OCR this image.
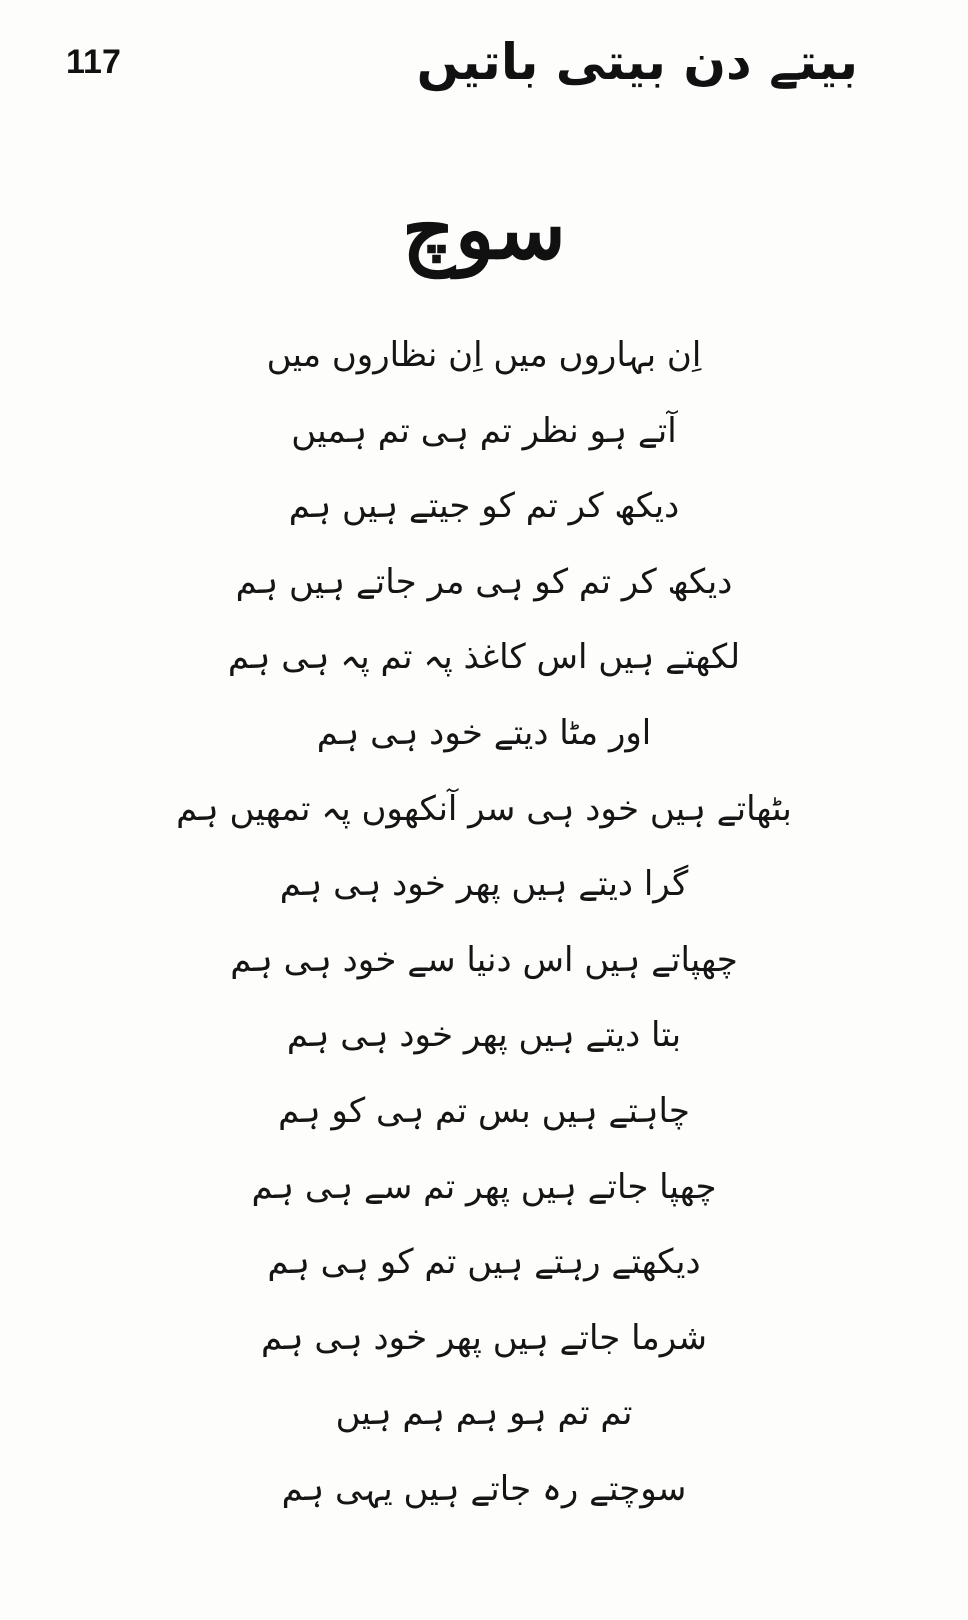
117	بیتے دن بیتی باتیں
سوچ
اِن بہاروں میں اِن نظاروں میں
آتے ہو نظر تم ہی تم ہمیں
دیکھ کر تم کو جیتے ہیں ہم
دیکھ کر تم کو ہی مر جاتے ہیں ہم
لکھتے ہیں اس کاغذ پہ تم پہ ہی ہم
اور مٹا دیتے خود ہی ہم
بٹھاتے ہیں خود ہی سر آنکھوں پہ تمھیں ہم
گرا دیتے ہیں پھر خود ہی ہم
چھپاتے ہیں اس دنیا سے خود ہی ہم
بتا دیتے ہیں پھر خود ہی ہم
چاہتے ہیں بس تم ہی کو ہم
چھپا جاتے ہیں پھر تم سے ہی ہم
دیکھتے رہتے ہیں تم کو ہی ہم
شرما جاتے ہیں پھر خود ہی ہم
تم تم ہو ہم ہم ہیں
سوچتے رہ جاتے ہیں یہی ہم
